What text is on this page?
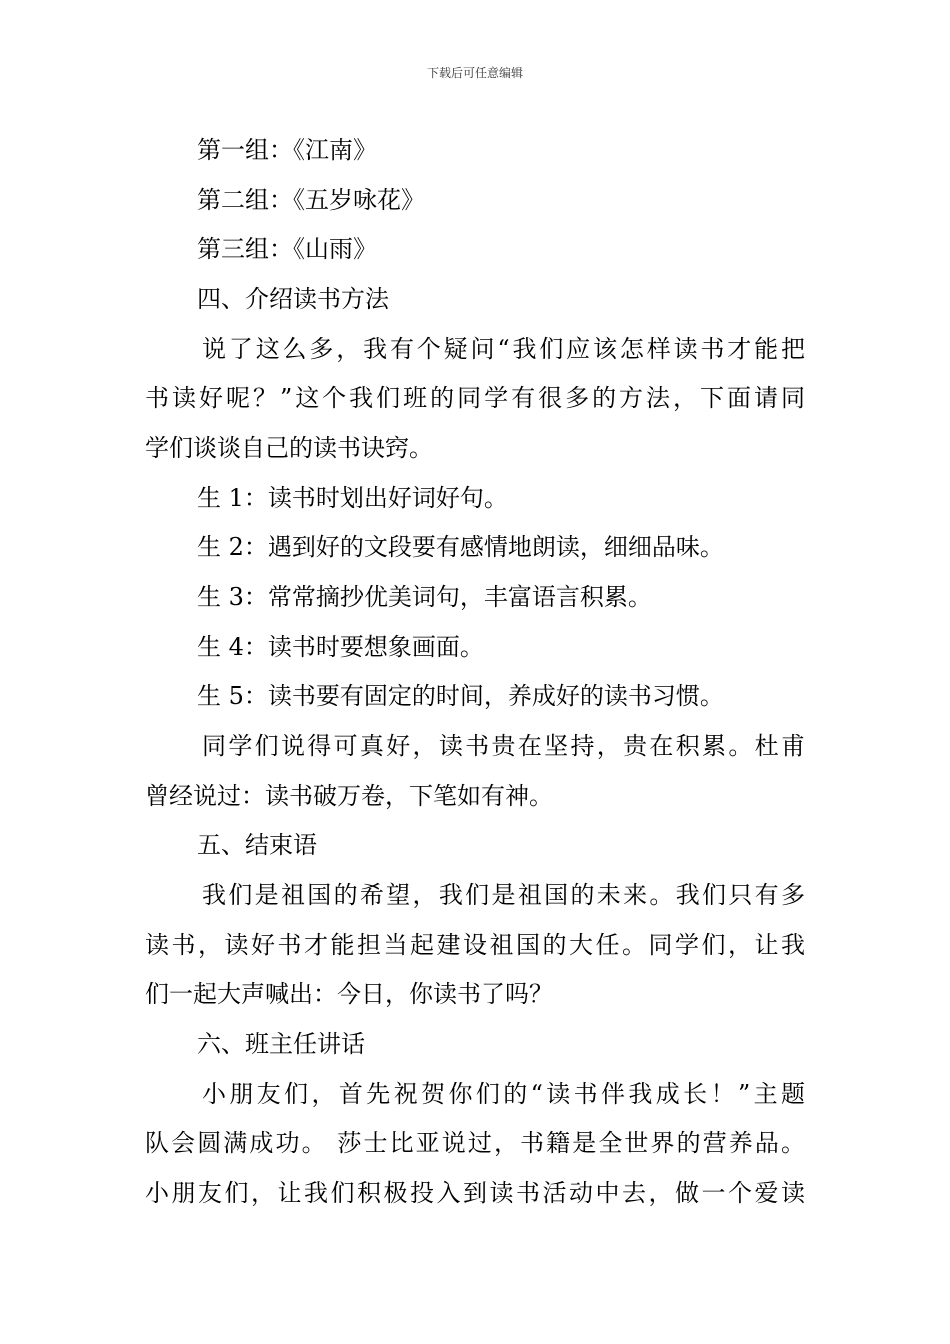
下载后可任意编辑
第一组：《江南》
第二组：《五岁咏花》
第三组：《山雨》
四、介绍读书方法
说了这么多，我有个疑问“我们应该怎样读书才能把
书读好呢？”这个我们班的同学有很多的方法，下面请同
学们谈谈自己的读书诀窍。
生 1：读书时划出好词好句。
生 2：遇到好的文段要有感情地朗读，细细品味。
生 3：常常摘抄优美词句，丰富语言积累。
生 4：读书时要想象画面。
生 5：读书要有固定的时间，养成好的读书习惯。
同学们说得可真好，读书贵在坚持，贵在积累。杜甫
曾经说过：读书破万卷，下笔如有神。
五、结束语
我们是祖国的希望，我们是祖国的未来。我们只有多
读书，读好书才能担当起建设祖国的大任。同学们，让我
们一起大声喊出：今日，你读书了吗？
六、班主任讲话
小朋友们，首先祝贺你们的“读书伴我成长！”主题
队会圆满成功。 莎士比亚说过，书籍是全世界的营养品。
小朋友们，让我们积极投入到读书活动中去，做一个爱读
